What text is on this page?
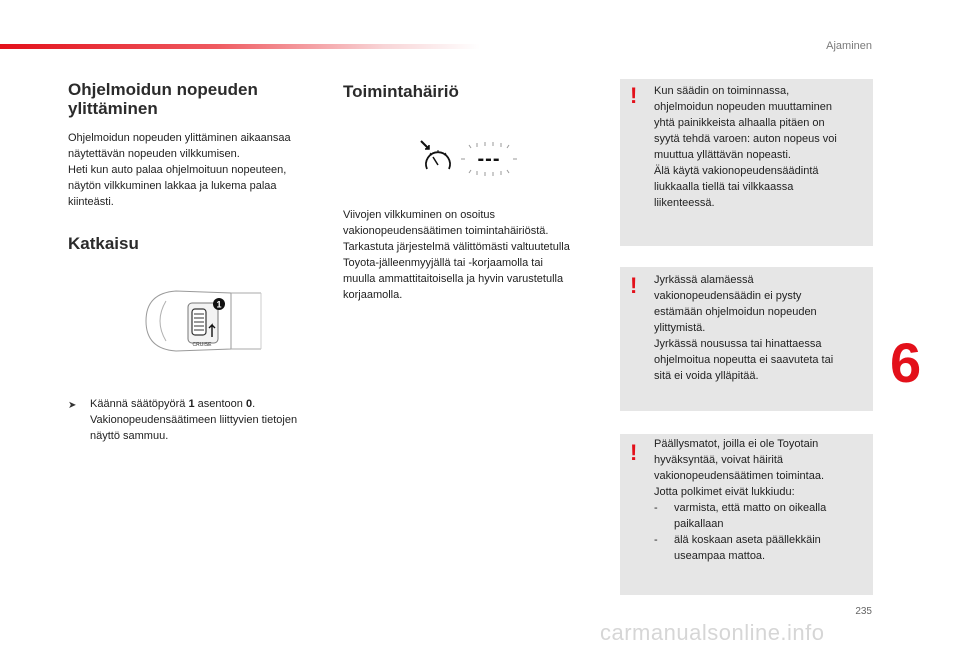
Ajaminen
235
6
Ohjelmoidun nopeuden
ylittäminen
Ohjelmoidun nopeuden ylittäminen aikaansaa
näytettävän nopeuden vilkkumisen.
Heti kun auto palaa ohjelmoituun nopeuteen,
näytön vilkkuminen lakkaa ja lukema palaa
kiinteästi.
Katkaisu
1
CRUISE
➤	Käännä säätöpyörä 1 asentoon 0.
Vakionopeudensäätimeen liittyvien tietojen
näyttö sammuu.
Toimintahäiriö
---
Viivojen vilkkuminen on osoitus
vakionopeudensäätimen toimintahäiriöstä.
Tarkastuta järjestelmä välittömästi valtuutetulla
Toyota-jälleenmyyjällä tai -korjaamolla tai
muulla ammattitaitoisella ja hyvin varustetulla
korjaamolla.
! Kun säädin on toiminnassa,
ohjelmoidun nopeuden muuttaminen
yhtä painikkeista alhaalla pitäen on
syytä tehdä varoen: auton nopeus voi
muuttua yllättävän nopeasti.
Älä käytä vakionopeudensäädintä
liukkaalla tiellä tai vilkkaassa
liikenteessä.
! Jyrkässä alamäessä
vakionopeudensäädin ei pysty
estämään ohjelmoidun nopeuden
ylittymistä.
Jyrkässä nousussa tai hinattaessa
ohjelmoitua nopeutta ei saavuteta tai
sitä ei voida ylläpitää.
! Päällysmatot, joilla ei ole Toyotain
hyväksyntää, voivat häiritä
vakionopeudensäätimen toimintaa.
Jotta polkimet eivät lukkiudu:
-	varmista, että matto on oikealla
paikallaan
-	älä koskaan aseta päällekkäin
useampaa mattoa.
carmanualsonline.info
